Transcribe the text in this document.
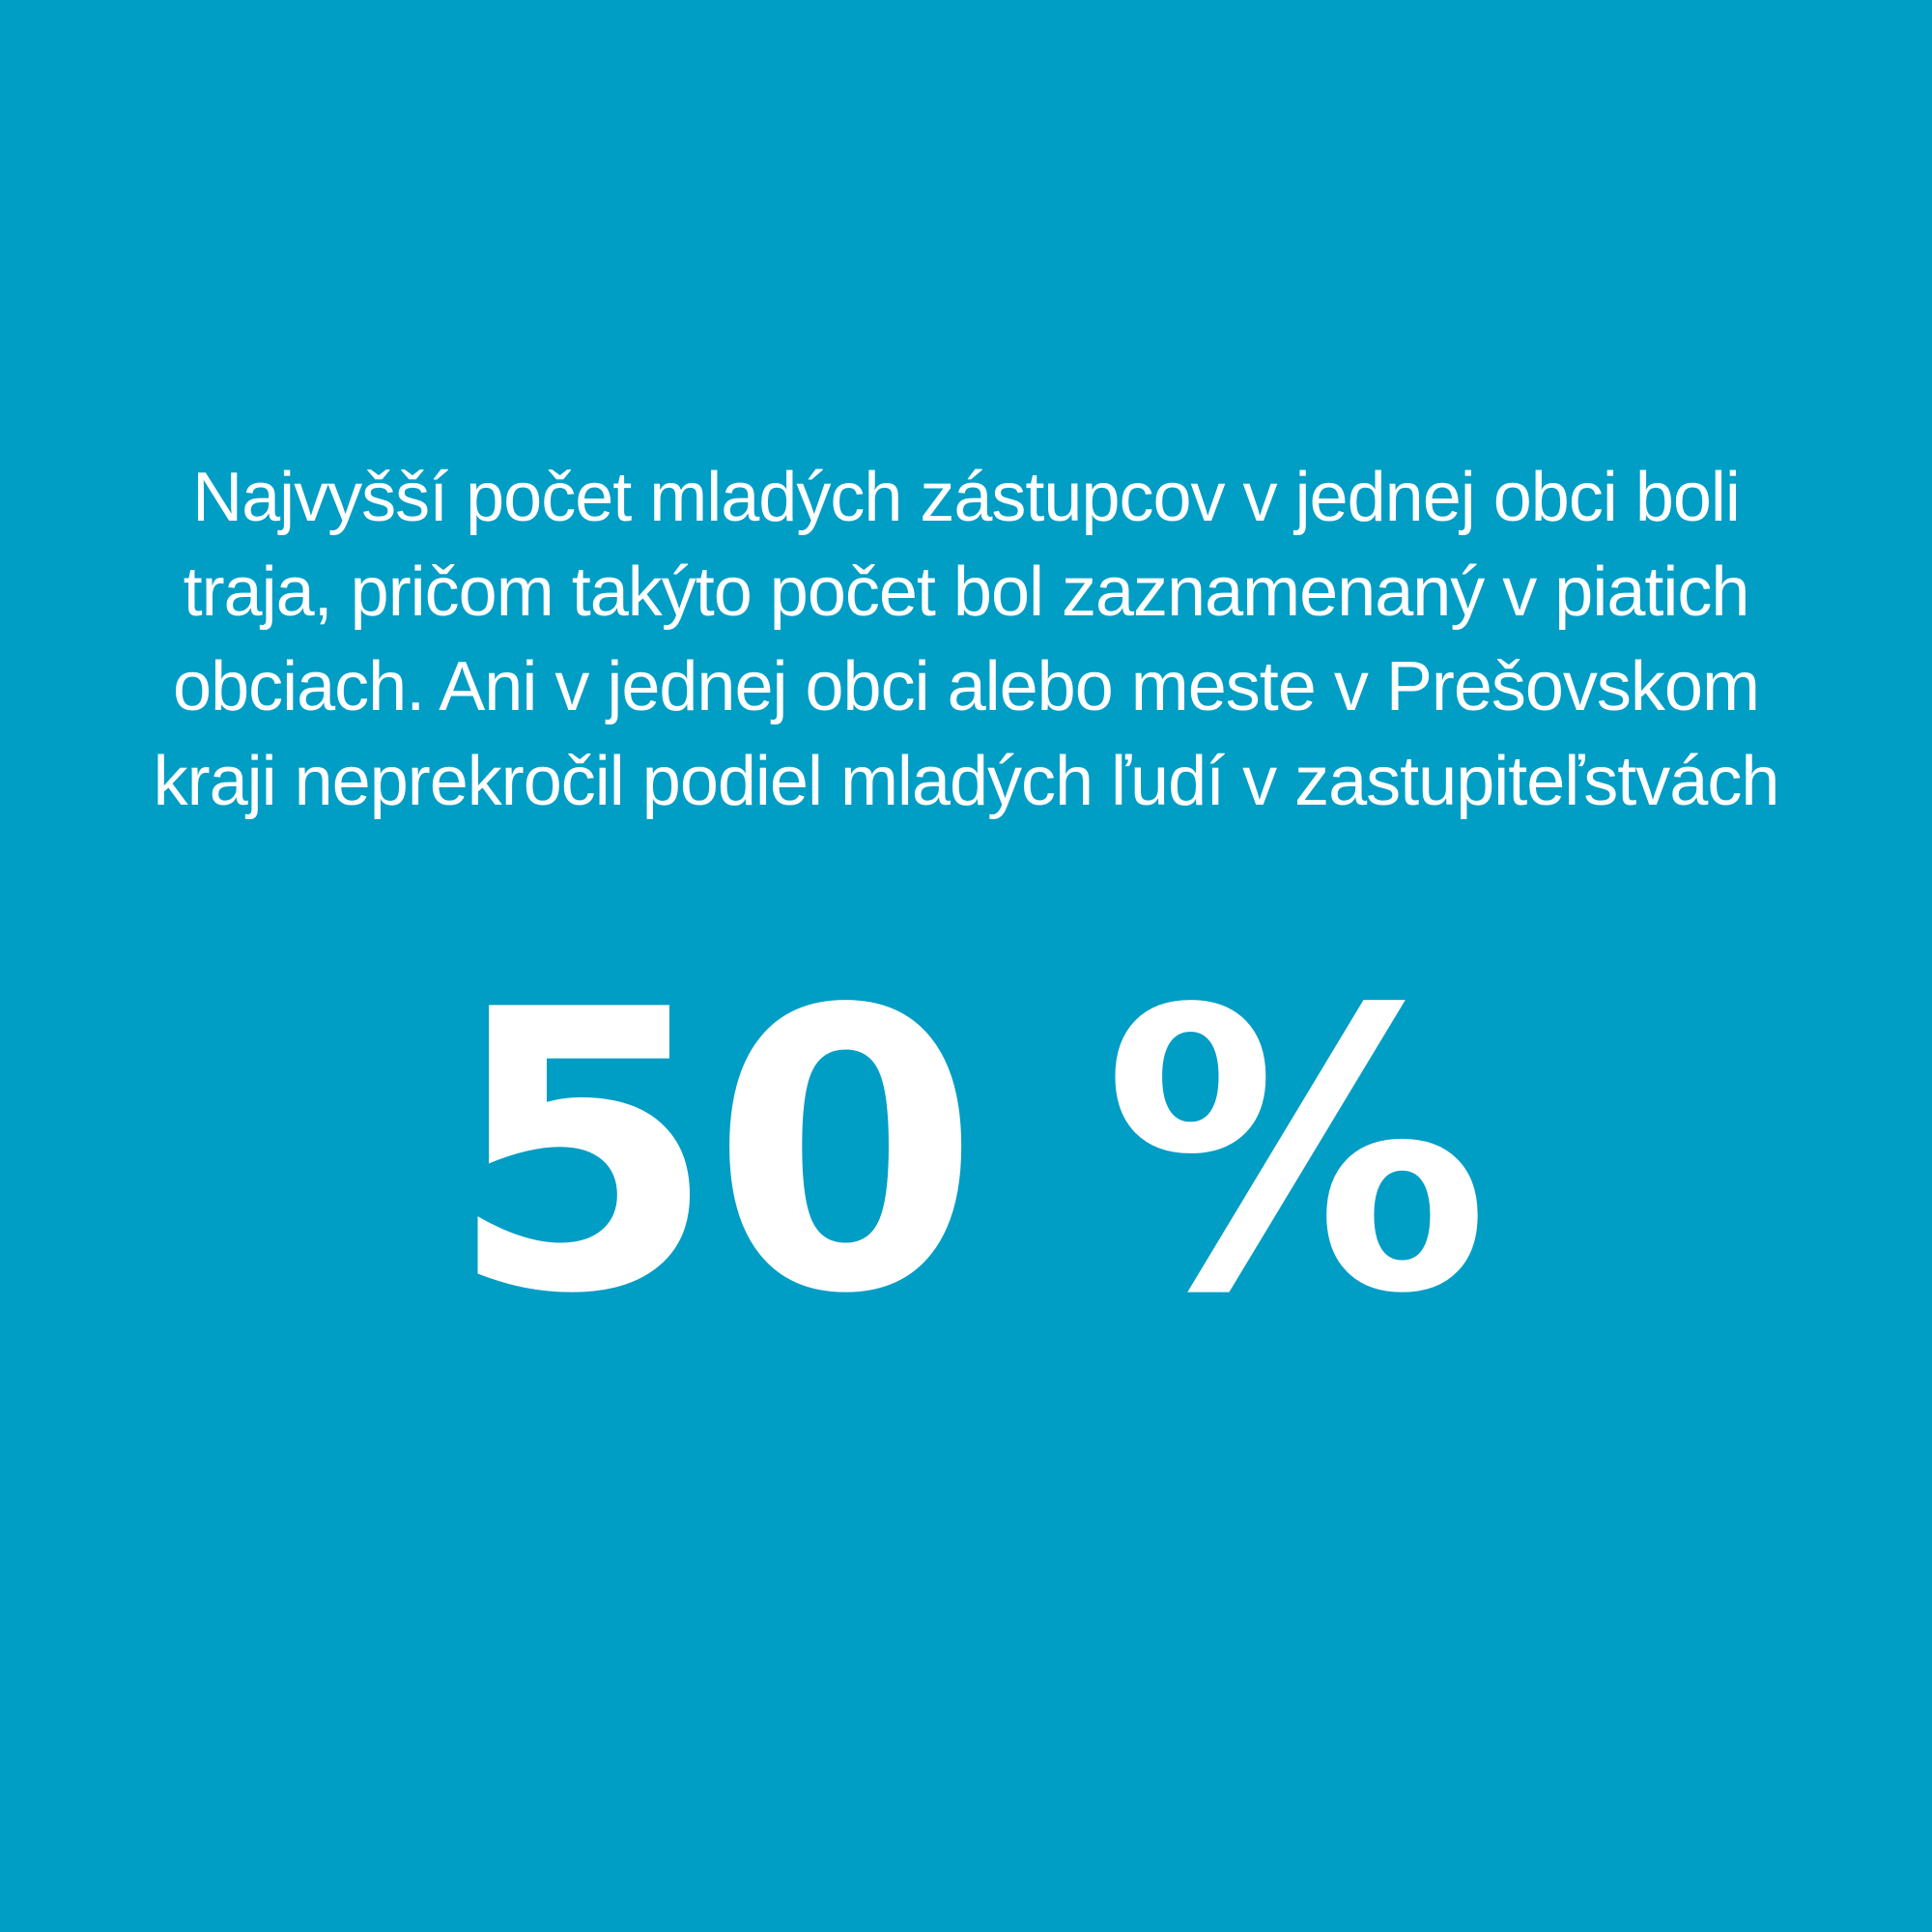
Najvyšší počet mladých zástupcov v jednej obci boli
traja, pričom takýto počet bol zaznamenaný v piatich
obciach. Ani v jednej obci alebo meste v Prešovskom
kraji neprekročil podiel mladých ľudí v zastupiteľstvách
50 %
